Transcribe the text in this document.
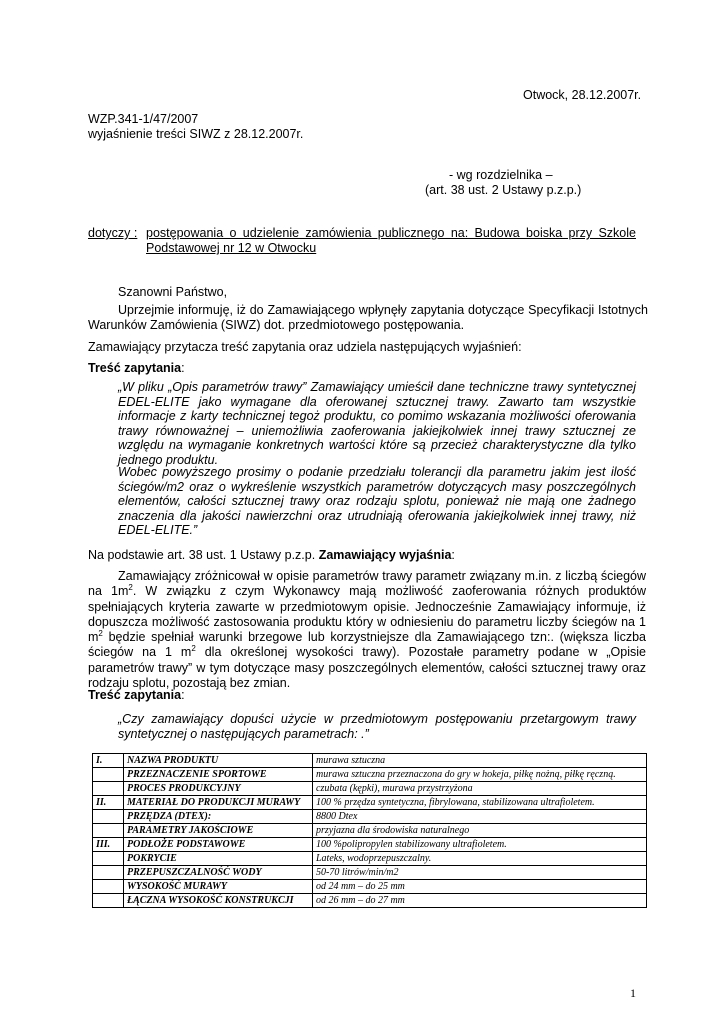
Otwock, 28.12.2007r.
WZP.341-1/47/2007
wyjaśnienie treści SIWZ z 28.12.2007r.
- wg rozdzielnika –
(art. 38 ust. 2 Ustawy p.z.p.)
dotyczy : postępowania o udzielenie zamówienia publicznego na: Budowa boiska przy Szkole Podstawowej nr 12 w Otwocku
Szanowni Państwo,
Uprzejmie informuję, iż do Zamawiającego wpłynęły zapytania dotyczące Specyfikacji Istotnych Warunków Zamówienia (SIWZ) dot. przedmiotowego postępowania.
Zamawiający przytacza treść zapytania oraz udziela następujących wyjaśnień:
Treść zapytania:
„W pliku „Opis parametrów trawy” Zamawiający umieścił dane techniczne trawy syntetycznej EDEL-ELITE jako wymagane dla oferowanej sztucznej trawy. Zawarto tam wszystkie informacje z karty technicznej tegoż produktu, co pomimo wskazania możliwości oferowania trawy równoważnej – uniemożliwia zaoferowania jakiejkolwiek innej trawy sztucznej ze względu na wymaganie konkretnych wartości które są przecież charakterystyczne dla tylko jednego produktu.
Wobec powyższego prosimy o podanie przedziału tolerancji dla parametru jakim jest ilość ściegów/m2 oraz o wykreślenie wszystkich parametrów dotyczących masy poszczególnych elementów, całości sztucznej trawy oraz rodzaju splotu, ponieważ nie mają one żadnego znaczenia dla jakości nawierzchni oraz utrudniają oferowania jakiejkolwiek innej trawy, niż EDEL-ELITE.”
Na podstawie art. 38 ust. 1 Ustawy p.z.p. Zamawiający wyjaśnia:
Zamawiający zróżnicował w opisie parametrów trawy parametr związany m.in. z liczbą ściegów na $1m^2$. W związku z czym Wykonawcy mają możliwość zaoferowania różnych produktów spełniających kryteria zawarte w przedmiotowym opisie. Jednocześnie Zamawiający informuje, iż dopuszcza możliwość zastosowania produktu który w odniesieniu do parametru liczby ściegów na 1 $m^2$ będzie spełniał warunki brzegowe lub korzystniejsze dla Zamawiającego tzn:. (większa liczba ściegów na 1 $m^2$ dla określonej wysokości trawy). Pozostałe parametry podane w „Opisie parametrów trawy” w tym dotyczące masy poszczególnych elementów, całości sztucznej trawy oraz rodzaju splotu, pozostają bez zmian.
Treść zapytania:
„Czy zamawiający dopuści użycie w przedmiotowym postępowaniu przetargowym trawy syntetycznej o następujących parametrach: .”
I.	NAZWA PRODUKTU	murawa sztuczna
	PRZEZNACZENIE SPORTOWE	murawa sztuczna przeznaczona do gry w hokeja, piłkę nożną, piłkę ręczną.
	PROCES PRODUKCYJNY	czubata (kępki), murawa przystrzyżona
II.	MATERIAŁ DO PRODUKCJI MURAWY	100 % przędza syntetyczna, fibrylowana, stabilizowana ultrafioletem.
	PRZĘDZA (DTEX):	8800 Dtex
	PARAMETRY JAKOŚCIOWE	przyjazna dla środowiska naturalnego
III.	PODŁOŻE PODSTAWOWE	100 %polipropylen stabilizowany ultrafioletem.
	POKRYCIE	Lateks, wodoprzepuszczalny.
	PRZEPUSZCZALNOŚĆ WODY	50-70 litrów/min/m2
	WYSOKOŚĆ MURAWY	od 24 mm – do 25 mm
	ŁĄCZNA WYSOKOŚĆ KONSTRUKCJI	od 26 mm – do 27 mm
1
